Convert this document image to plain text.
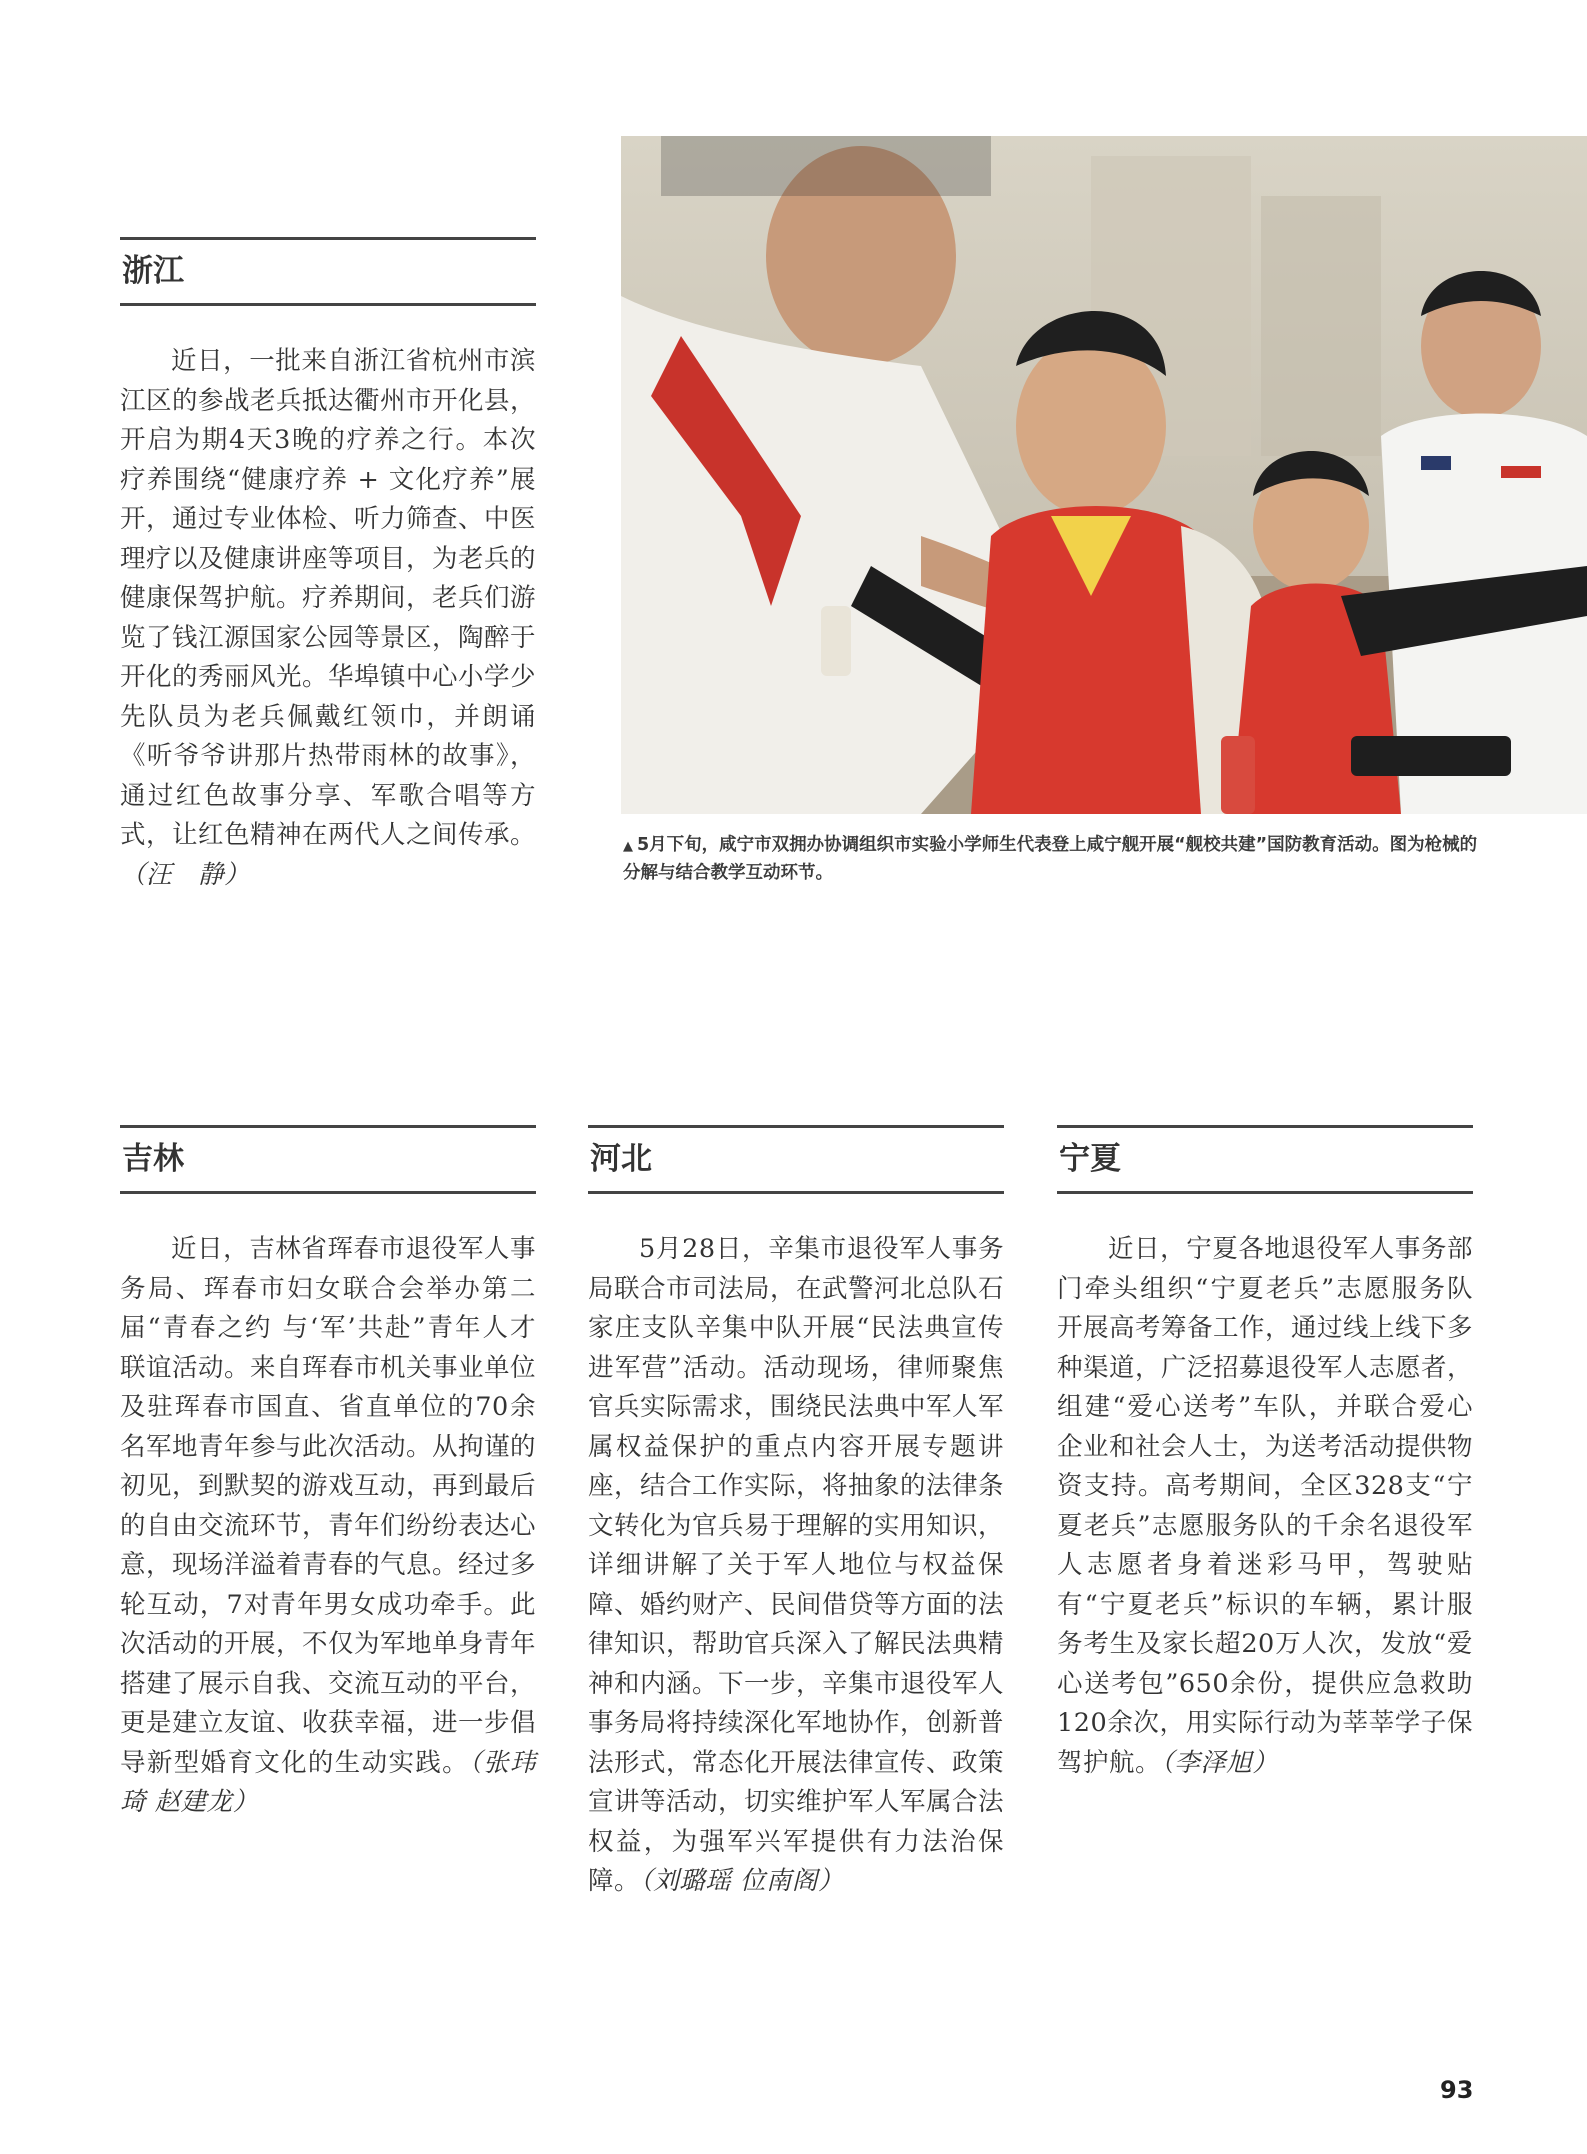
浙江

近日，一批来自浙江省杭州市滨江区的参战老兵抵达衢州市开化县，开启为期4天3晚的疗养之行。本次疗养围绕“健康疗养 + 文化疗养”展开，通过专业体检、听力筛查、中医理疗以及健康讲座等项目，为老兵的健康保驾护航。疗养期间，老兵们游览了钱江源国家公园等景区，陶醉于开化的秀丽风光。华埠镇中心小学少先队员为老兵佩戴红领巾，并朗诵《听爷爷讲那片热带雨林的故事》，通过红色故事分享、军歌合唱等方式，让红色精神在两代人之间传承。（汪　静）

▲ 5月下旬，咸宁市双拥办协调组织市实验小学师生代表登上咸宁舰开展“舰校共建”国防教育活动。图为枪械的分解与结合教学互动环节。
吉林

近日，吉林省珲春市退役军人事务局、珲春市妇女联合会举办第二届“青春之约 与‘军’共赴”青年人才联谊活动。来自珲春市机关事业单位及驻珲春市国直、省直单位的70余名军地青年参与此次活动。从拘谨的初见，到默契的游戏互动，再到最后的自由交流环节，青年们纷纷表达心意，现场洋溢着青春的气息。经过多轮互动，7对青年男女成功牵手。此次活动的开展，不仅为军地单身青年搭建了展示自我、交流互动的平台，更是建立友谊、收获幸福，进一步倡导新型婚育文化的生动实践。（张玮琦 赵建龙）

河北

5月28日，辛集市退役军人事务局联合市司法局，在武警河北总队石家庄支队辛集中队开展“民法典宣传进军营”活动。活动现场，律师聚焦官兵实际需求，围绕民法典中军人军属权益保护的重点内容开展专题讲座，结合工作实际，将抽象的法律条文转化为官兵易于理解的实用知识，详细讲解了关于军人地位与权益保障、婚约财产、民间借贷等方面的法律知识，帮助官兵深入了解民法典精神和内涵。下一步，辛集市退役军人事务局将持续深化军地协作，创新普法形式，常态化开展法律宣传、政策宣讲等活动，切实维护军人军属合法权益，为强军兴军提供有力法治保障。（刘璐瑶 位南阁）

宁夏

近日，宁夏各地退役军人事务部门牵头组织“宁夏老兵”志愿服务队开展高考筹备工作，通过线上线下多种渠道，广泛招募退役军人志愿者，组建“爱心送考”车队，并联合爱心企业和社会人士，为送考活动提供物资支持。高考期间，全区328支“宁夏老兵”志愿服务队的千余名退役军人志愿者身着迷彩马甲，驾驶贴有“宁夏老兵”标识的车辆，累计服务考生及家长超20万人次，发放“爱心送考包”650余份，提供应急救助120余次，用实际行动为莘莘学子保驾护航。（李泽旭）

93
